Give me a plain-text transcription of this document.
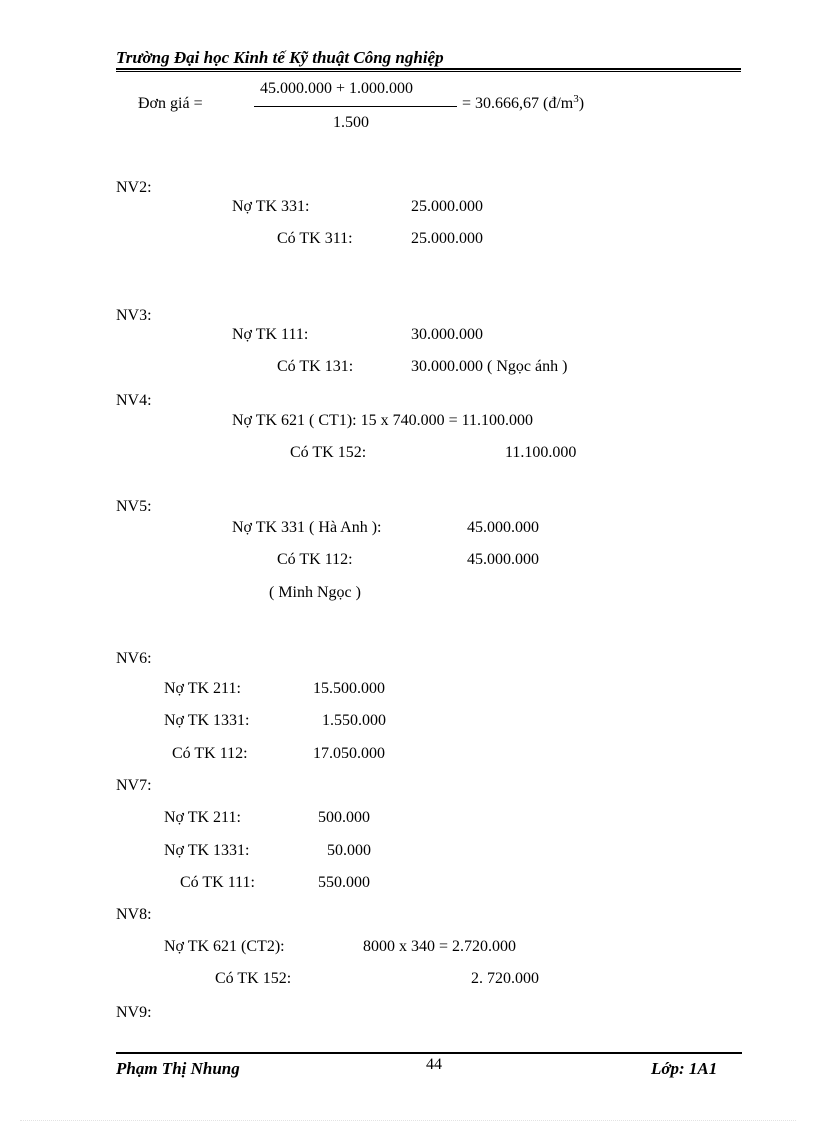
Trường Đại học Kinh tế Kỹ thuật Công nghiệp
Đơn giá =
45.000.000 + 1.000.000
1.500
= 30.666,67 $(đ/m^3)$
NV2:
Nợ TK 331:	25.000.000
Có TK 311:	25.000.000
NV3:
Nợ TK 111:	30.000.000
Có TK 131:	30.000.000 ( Ngọc ánh )
NV4:
Nợ TK 621 ( CT1): 15 x 740.000 = 11.100.000
Có TK 152:	11.100.000
NV5:
Nợ TK 331 ( Hà Anh ):	45.000.000
Có TK 112:	45.000.000
( Minh Ngọc )
NV6:
Nợ TK 211:	15.500.000
Nợ TK 1331:	1.550.000
Có TK 112:	17.050.000
NV7:
Nợ TK 211:	500.000
Nợ TK 1331:	50.000
Có TK 111:	550.000
NV8:
Nợ TK 621 (CT2):	8000 x 340 = 2.720.000
Có TK 152:	2. 720.000
NV9:
Phạm Thị Nhung	44	Lớp: 1A1
